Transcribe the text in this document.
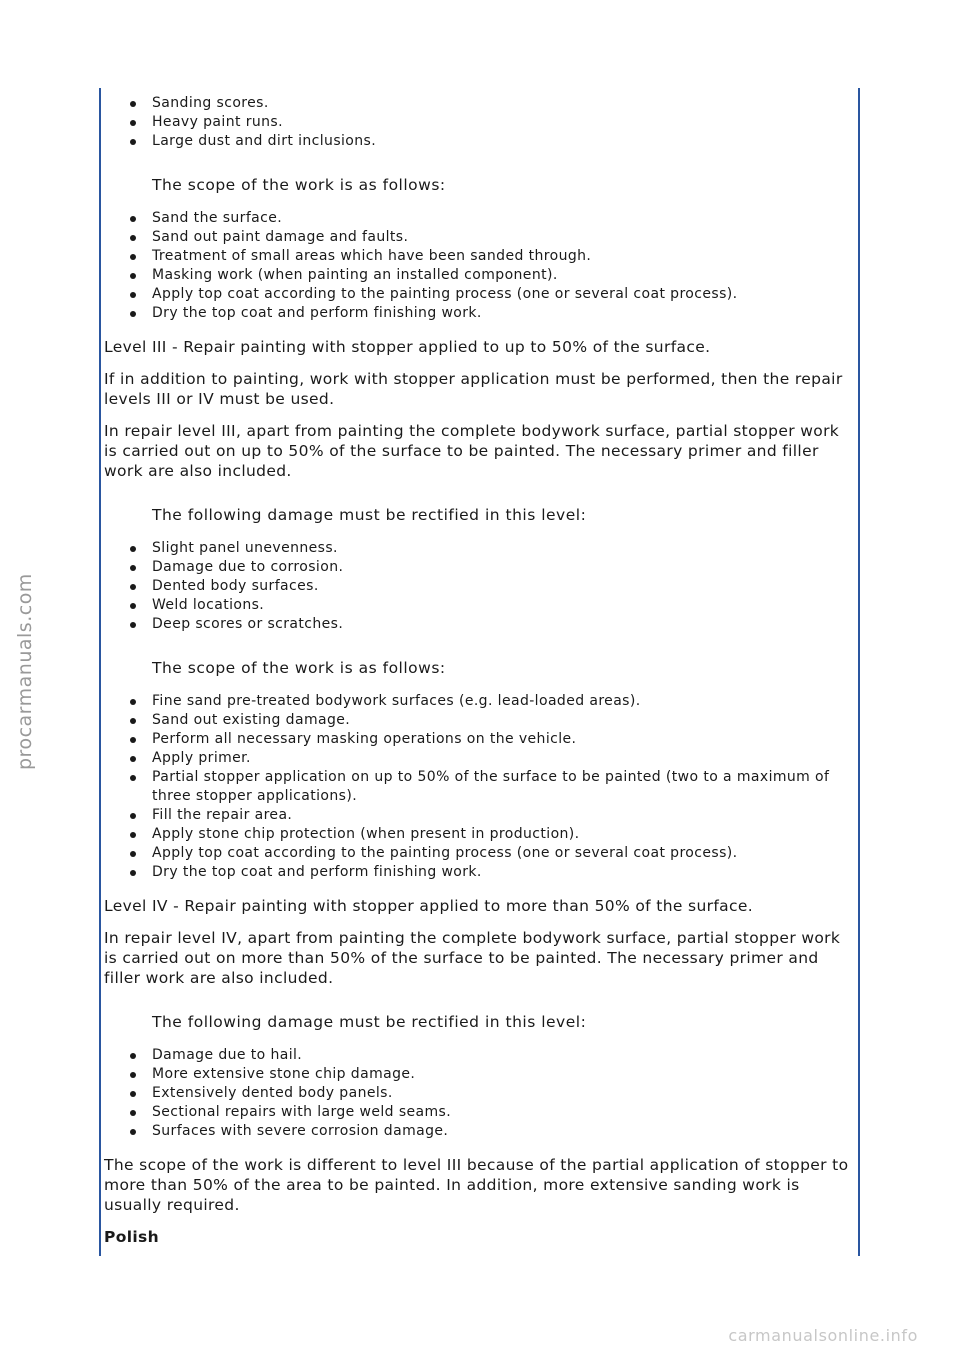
Sanding scores.
Heavy paint runs.
Large dust and dirt inclusions.

The scope of the work is as follows:

Sand the surface.
Sand out paint damage and faults.
Treatment of small areas which have been sanded through.
Masking work (when painting an installed component).
Apply top coat according to the painting process (one or several coat process).
Dry the top coat and perform finishing work.

Level III - Repair painting with stopper applied to up to 50% of the surface.

If in addition to painting, work with stopper application must be performed, then the repair levels III or IV must be used.

In repair level III, apart from painting the complete bodywork surface, partial stopper work is carried out on up to 50% of the surface to be painted. The necessary primer and filler work are also included.

The following damage must be rectified in this level:

Slight panel unevenness.
Damage due to corrosion.
Dented body surfaces.
Weld locations.
Deep scores or scratches.

The scope of the work is as follows:

Fine sand pre-treated bodywork surfaces (e.g. lead-loaded areas).
Sand out existing damage.
Perform all necessary masking operations on the vehicle.
Apply primer.
Partial stopper application on up to 50% of the surface to be painted (two to a maximum of three stopper applications).
Fill the repair area.
Apply stone chip protection (when present in production).
Apply top coat according to the painting process (one or several coat process).
Dry the top coat and perform finishing work.

Level IV - Repair painting with stopper applied to more than 50% of the surface.

In repair level IV, apart from painting the complete bodywork surface, partial stopper work is carried out on more than 50% of the surface to be painted. The necessary primer and filler work are also included.

The following damage must be rectified in this level:

Damage due to hail.
More extensive stone chip damage.
Extensively dented body panels.
Sectional repairs with large weld seams.
Surfaces with severe corrosion damage.

The scope of the work is different to level III because of the partial application of stopper to more than 50% of the area to be painted. In addition, more extensive sanding work is usually required.

Polish

procarmanuals.com
carmanualsonline.info
